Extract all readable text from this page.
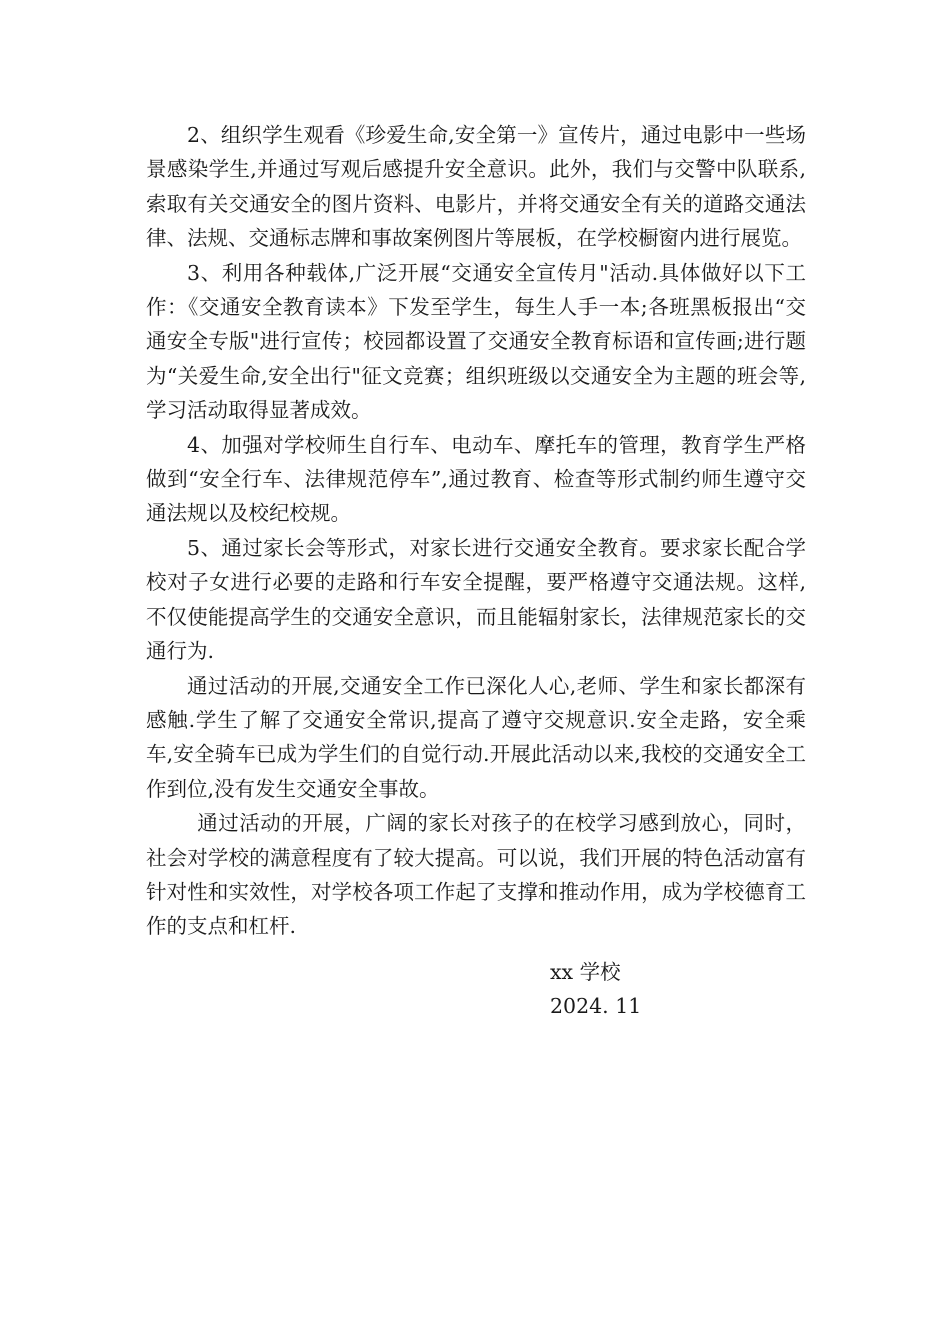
2、组织学生观看《珍爱生命,安全第一》宣传片，通过电影中一些场景感染学生,并通过写观后感提升安全意识。此外，我们与交警中队联系,索取有关交通安全的图片资料、电影片，并将交通安全有关的道路交通法律、法规、交通标志牌和事故案例图片等展板，在学校橱窗内进行展览。

3、利用各种载体,广泛开展“交通安全宣传月"活动.具体做好以下工作：《交通安全教育读本》下发至学生，每生人手一本;各班黑板报出“交通安全专版"进行宣传；校园都设置了交通安全教育标语和宣传画;进行题为“关爱生命,安全出行"征文竞赛；组织班级以交通安全为主题的班会等,学习活动取得显著成效。

4、加强对学校师生自行车、电动车、摩托车的管理，教育学生严格做到“安全行车、法律规范停车”,通过教育、检查等形式制约师生遵守交通法规以及校纪校规。

5、通过家长会等形式，对家长进行交通安全教育。要求家长配合学校对子女进行必要的走路和行车安全提醒，要严格遵守交通法规。这样,不仅使能提高学生的交通安全意识，而且能辐射家长，法律规范家长的交通行为.

通过活动的开展,交通安全工作已深化人心,老师、学生和家长都深有感触.学生了解了交通安全常识,提高了遵守交规意识.安全走路，安全乘车,安全骑车已成为学生们的自觉行动.开展此活动以来,我校的交通安全工作到位,没有发生交通安全事故。

通过活动的开展，广阔的家长对孩子的在校学习感到放心，同时，社会对学校的满意程度有了较大提高。可以说，我们开展的特色活动富有针对性和实效性，对学校各项工作起了支撑和推动作用，成为学校德育工作的支点和杠杆.

xx 学校
2024. 11
